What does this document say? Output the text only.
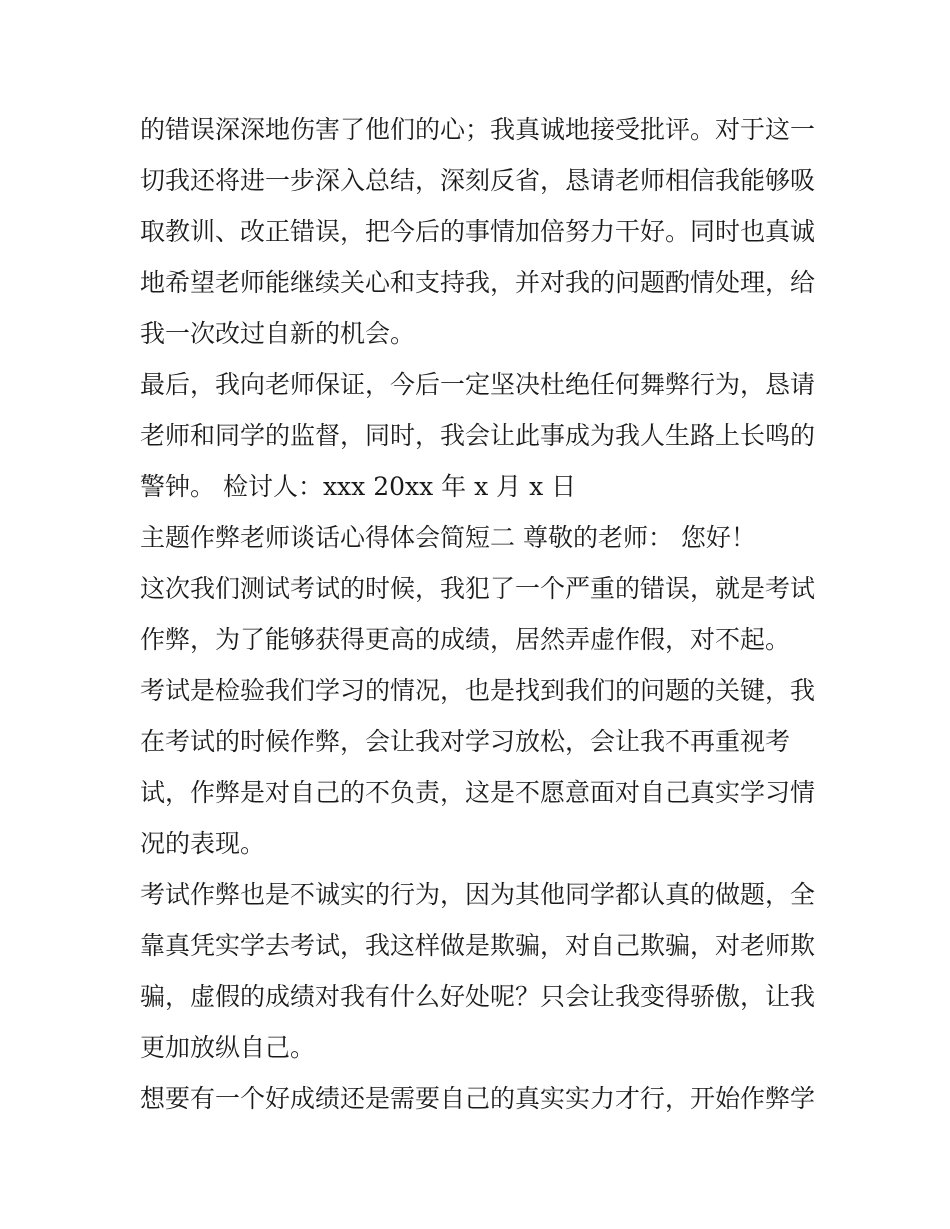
的错误深深地伤害了他们的心；我真诚地接受批评。对于这一
切我还将进一步深入总结，深刻反省，恳请老师相信我能够吸
取教训、改正错误，把今后的事情加倍努力干好。同时也真诚
地希望老师能继续关心和支持我，并对我的问题酌情处理，给
我一次改过自新的机会。
最后，我向老师保证，今后一定坚决杜绝任何舞弊行为，恳请
老师和同学的监督，同时，我会让此事成为我人生路上长鸣的
警钟。 检讨人：xxx 20xx 年 x 月 x 日
主题作弊老师谈话心得体会简短二 尊敬的老师： 您好！
这次我们测试考试的时候，我犯了一个严重的错误，就是考试
作弊，为了能够获得更高的成绩，居然弄虚作假，对不起。
考试是检验我们学习的情况，也是找到我们的问题的关键，我
在考试的时候作弊，会让我对学习放松，会让我不再重视考
试，作弊是对自己的不负责，这是不愿意面对自己真实学习情
况的表现。
考试作弊也是不诚实的行为，因为其他同学都认真的做题，全
靠真凭实学去考试，我这样做是欺骗，对自己欺骗，对老师欺
骗，虚假的成绩对我有什么好处呢？只会让我变得骄傲，让我
更加放纵自己。
想要有一个好成绩还是需要自己的真实实力才行，开始作弊学
